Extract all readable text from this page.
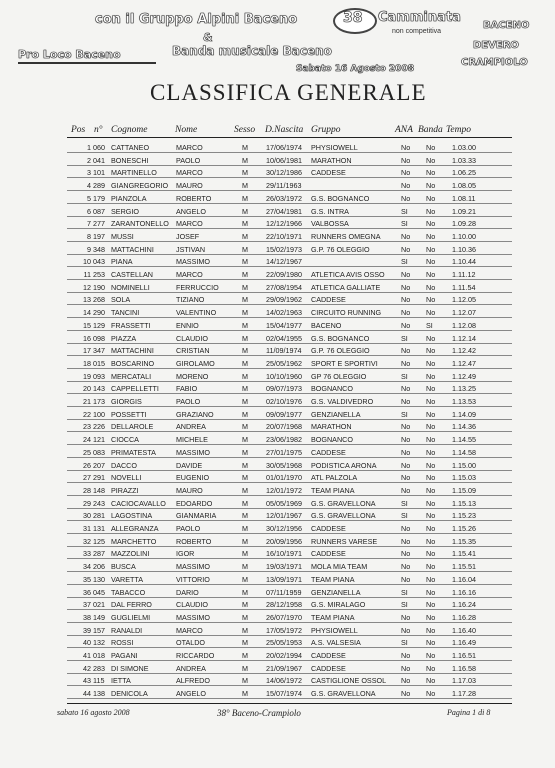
con il Gruppo Alpini Baceno
&
Banda musicale Baceno
Pro Loco Baceno
38 Camminata
non competitiva
BACENO
DEVERO
CRAMPIOLO
Sabato 16 Agosto 2008
CLASSIFICA GENERALE
Pos n° Cognome	Nome	Sesso D.Nascita Gruppo	ANA Banda Tempo
1 060 CATTANEO	MARCO	M	17/06/1974 PHYSIOWELL	No No 1.03.00
2 041 BONESCHI	PAOLO	M	10/06/1981 MARATHON	No No 1.03.33
3 101 MARTINELLO	MARCO	M	30/12/1986 CADDESE	No No 1.06.25
4 289 GIANGREGORIO MAURO	M	29/11/1963	No No 1.08.05
5 179 PIANZOLA	ROBERTO	M	26/03/1972 G.S. BOGNANCO	No No 1.08.11
6 087 SERGIO	ANGELO	M	27/04/1981 G.S. INTRA	SI	No 1.09.21
7 277 ZARANTONELLO MARCO	M	12/12/1966 VALBOSSA	SI	No 1.09.28
8 197 MUSSI	JOSEF	M	22/10/1971 RUNNERS OMEGNA	No No 1.10.00
9 348 MATTACHINI	JSTIVAN	M	15/02/1973 G.P. 76 OLEGGIO	No No 1.10.36
10 043 PIANA	MASSIMO	M	14/12/1967	SI	No 1.10.44
11 253 CASTELLAN	MARCO	M	22/09/1980 ATLETICA AVIS OSSO No No 1.11.12
12 190 NOMINELLI	FERRUCCIO	M	27/08/1954 ATLETICA GALLIATE	No No 1.11.54
13 268 SOLA	TIZIANO	M	29/09/1962 CADDESE	No No 1.12.05
14 290 TANCINI	VALENTINO	M	14/02/1963 CIRCUITO RUNNING	No No 1.12.07
15 129 FRASSETTI	ENNIO	M	15/04/1977 BACENO	No SI	1.12.08
16 098 PIAZZA	CLAUDIO	M	02/04/1955 G.S. BOGNANCO	SI	No 1.12.14
17 347 MATTACHINI	CRISTIAN	M	11/09/1974 G.P. 76 OLEGGIO	No No 1.12.42
18 015 BOSCARINO	GIROLAMO	M	25/05/1962 SPORT E SPORTIVI	No No 1.12.47
19 093 MERCATALI	MORENO	M	10/10/1960 GP 76 OLEGGIO	SI	No 1.12.49
20 143 CAPPELLETTI FABIO	M	09/07/1973 BOGNANCO	No No 1.13.25
21 173 GIORGIS	PAOLO	M	02/10/1976 G.S. VALDIVEDRO	No No 1.13.53
22 100 POSSETTI	GRAZIANO	M	09/09/1977 GENZIANELLA	SI	No 1.14.09
23 226 DELLAROLE	ANDREA	M	20/07/1968 MARATHON	No No 1.14.36
24 121 CIOCCA	MICHELE	M	23/06/1982 BOGNANCO	No No 1.14.55
25 083 PRIMATESTA	MASSIMO	M	27/01/1975 CADDESE	No No 1.14.58
26 207 DACCO	DAVIDE	M	30/05/1968 PODISTICA ARONA	No No 1.15.00
27 291 NOVELLI	EUGENIO	M	01/01/1970 ATL PALZOLA	No No 1.15.03
28 148 PIRAZZI	MAURO	M	12/01/1972 TEAM PIANA	No No 1.15.09
29 243 CACIOCAVALLO EDOARDO	M	05/05/1969 G.S. GRAVELLONA	SI	No 1.15.13
30 281 LAGOSTINA	GIANMARIA	M	12/01/1967 G.S. GRAVELLONA	SI	No 1.15.23
31 131 ALLEGRANZA PAOLO	M	30/12/1956 CADDESE	No No 1.15.26
32 125 MARCHETTO	ROBERTO	M	20/09/1956 RUNNERS VARESE	No No 1.15.35
33 287 MAZZOLINI	IGOR	M	16/10/1971 CADDESE	No No 1.15.41
34 206 BUSCA	MASSIMO	M	19/03/1971 MOLA MIA TEAM	No No 1.15.51
35 130 VARETTA	VITTORIO	M	13/09/1971 TEAM PIANA	No No 1.16.04
36 045 TABACCO	DARIO	M	07/11/1959 GENZIANELLA	SI	No 1.16.16
37 021 DAL FERRO	CLAUDIO	M	28/12/1958 G.S. MIRALAGO	SI	No 1.16.24
38 149 GUGLIELMI	MASSIMO	M	26/07/1970 TEAM PIANA	No No 1.16.28
39 157 RANALDI	MARCO	M	17/05/1972 PHYSIOWELL	No No 1.16.40
40 132 ROSSI	OTALDO	M	25/05/1953 A.S. VALSESIA	SI	No 1.16.49
41 018 PAGANI	RICCARDO	M	20/02/1994 CADDESE	No No 1.16.51
42 283 DI SIMONE	ANDREA	M	21/09/1967 CADDESE	No No 1.16.58
43 115 IETTA	ALFREDO	M	14/06/1972 CASTIGLIONE OSSOL No No 1.17.03
44 138 DENICOLA	ANGELO	M	15/07/1974 G.S. GRAVELLONA	No No 1.17.28
sabato 16 agosto 2008	38° Baceno-Crampiolo	Pagina 1 di 8
